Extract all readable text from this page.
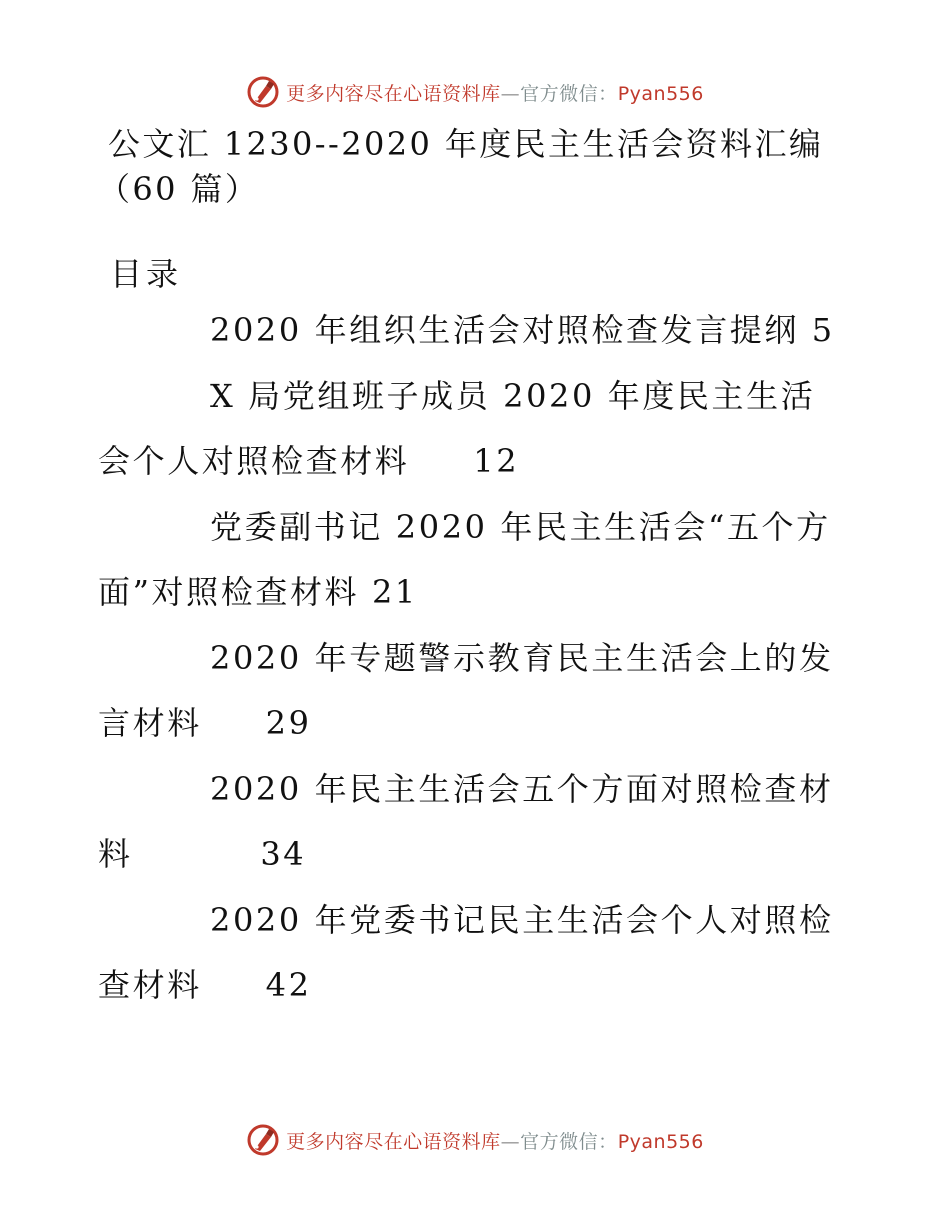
更多内容尽在心语资料库—官方微信：Pyan556
公文汇 1230--2020 年度民主生活会资料汇编（60 篇）
目录
2020 年组织生活会对照检查发言提纲 5
X 局党组班子成员 2020 年度民主生活会个人对照检查材料 12
党委副书记 2020 年民主生活会“五个方面”对照检查材料 21
2020 年专题警示教育民主生活会上的发言材料 29
2020 年民主生活会五个方面对照检查材料	34
2020 年党委书记民主生活会个人对照检查材料 42
更多内容尽在心语资料库—官方微信：Pyan556
